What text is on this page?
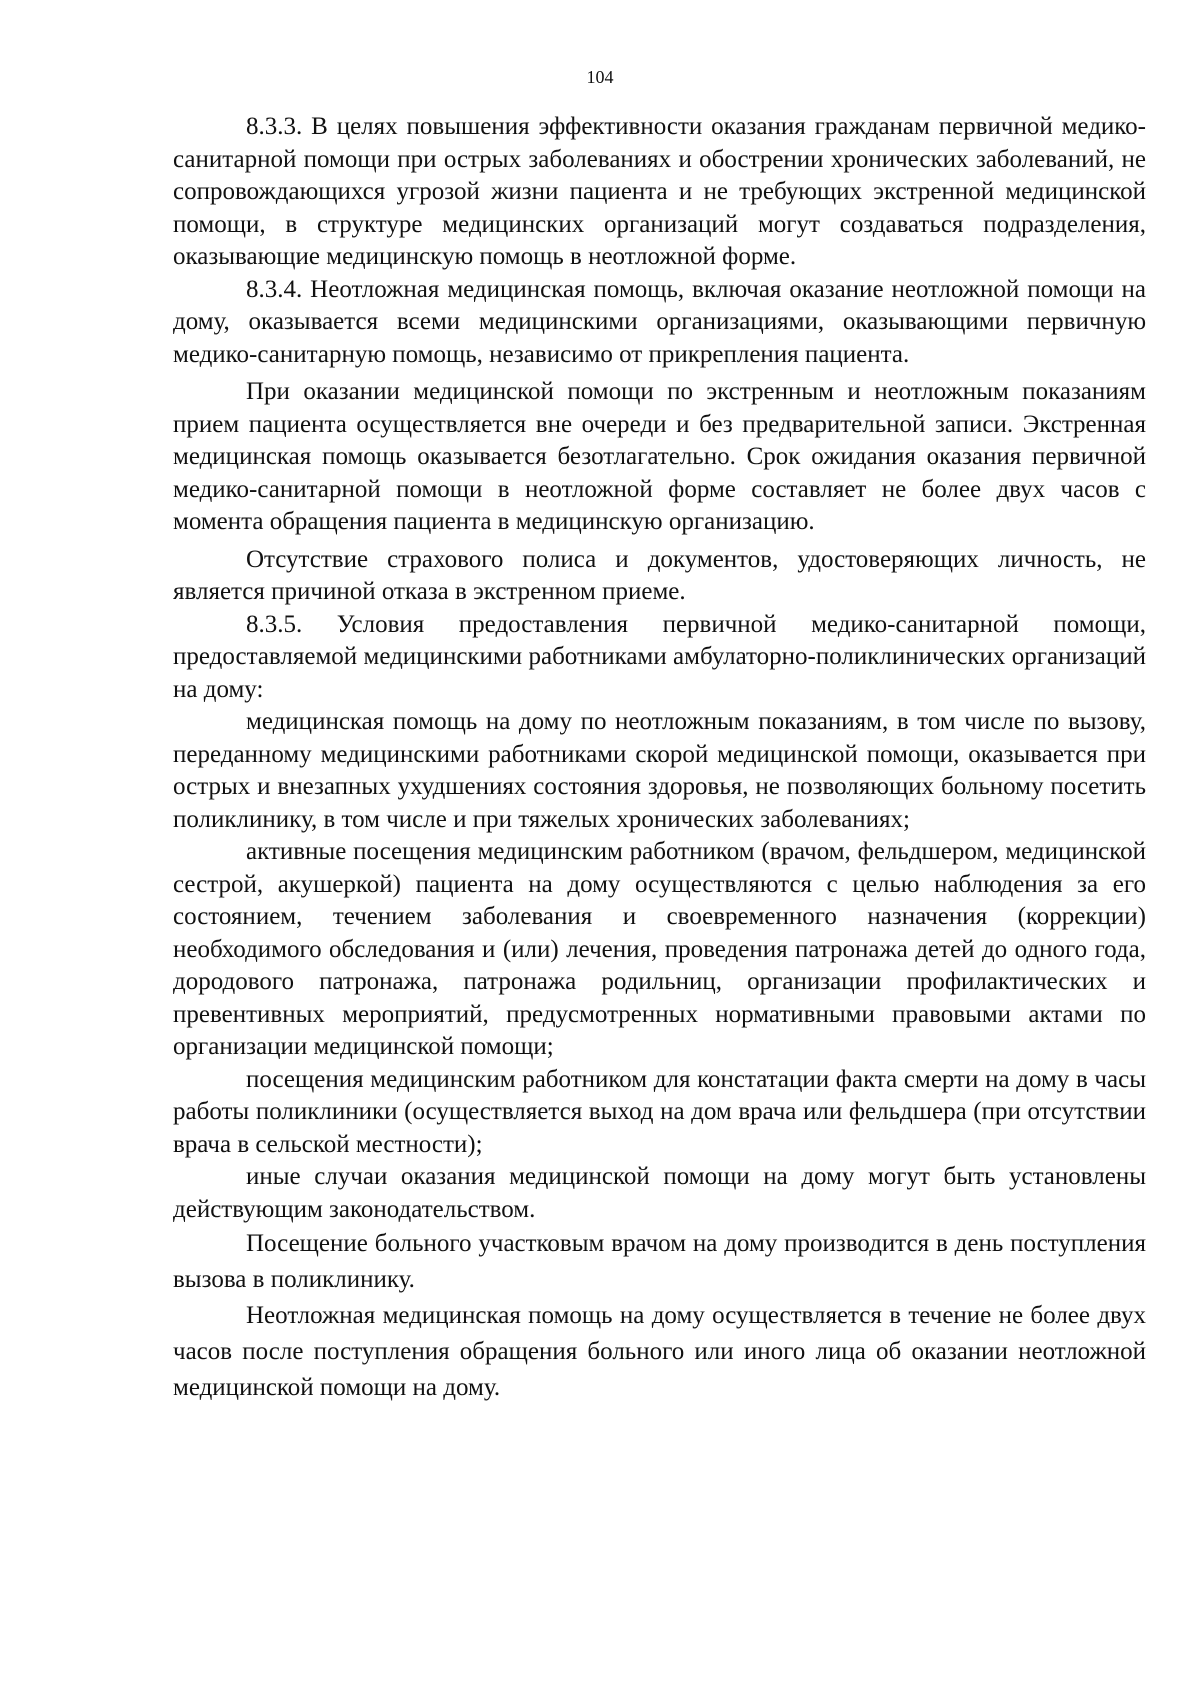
104

8.3.3. В целях повышения эффективности оказания гражданам первичной медико-санитарной помощи при острых заболеваниях и обострении хронических заболеваний, не сопровождающихся угрозой жизни пациента и не требующих экстренной медицинской помощи, в структуре медицинских организаций могут создаваться подразделения, оказывающие медицинскую помощь в неотложной форме.

8.3.4. Неотложная медицинская помощь, включая оказание неотложной помощи на дому, оказывается всеми медицинскими организациями, оказывающими первичную медико-санитарную помощь, независимо от прикрепления пациента.

При оказании медицинской помощи по экстренным и неотложным показаниям прием пациента осуществляется вне очереди и без предварительной записи. Экстренная медицинская помощь оказывается безотлагательно. Срок ожидания оказания первичной медико-санитарной помощи в неотложной форме составляет не более двух часов с момента обращения пациента в медицинскую организацию.

Отсутствие страхового полиса и документов, удостоверяющих личность, не является причиной отказа в экстренном приеме.

8.3.5. Условия предоставления первичной медико-санитарной помощи, предоставляемой медицинскими работниками амбулаторно-поликлинических организаций на дому:

медицинская помощь на дому по неотложным показаниям, в том числе по вызову, переданному медицинскими работниками скорой медицинской помощи, оказывается при острых и внезапных ухудшениях состояния здоровья, не позволяющих больному посетить поликлинику, в том числе и при тяжелых хронических заболеваниях;

активные посещения медицинским работником (врачом, фельдшером, медицинской сестрой, акушеркой) пациента на дому осуществляются с целью наблюдения за его состоянием, течением заболевания и своевременного назначения (коррекции) необходимого обследования и (или) лечения, проведения патронажа детей до одного года, дородового патронажа, патронажа родильниц, организации профилактических и превентивных мероприятий, предусмотренных нормативными правовыми актами по организации медицинской помощи;

посещения медицинским работником для констатации факта смерти на дому в часы работы поликлиники (осуществляется выход на дом врача или фельдшера (при отсутствии врача в сельской местности);

иные случаи оказания медицинской помощи на дому могут быть установлены действующим законодательством.

Посещение больного участковым врачом на дому производится в день поступления вызова в поликлинику.

Неотложная медицинская помощь на дому осуществляется в течение не более двух часов после поступления обращения больного или иного лица об оказании неотложной медицинской помощи на дому.
